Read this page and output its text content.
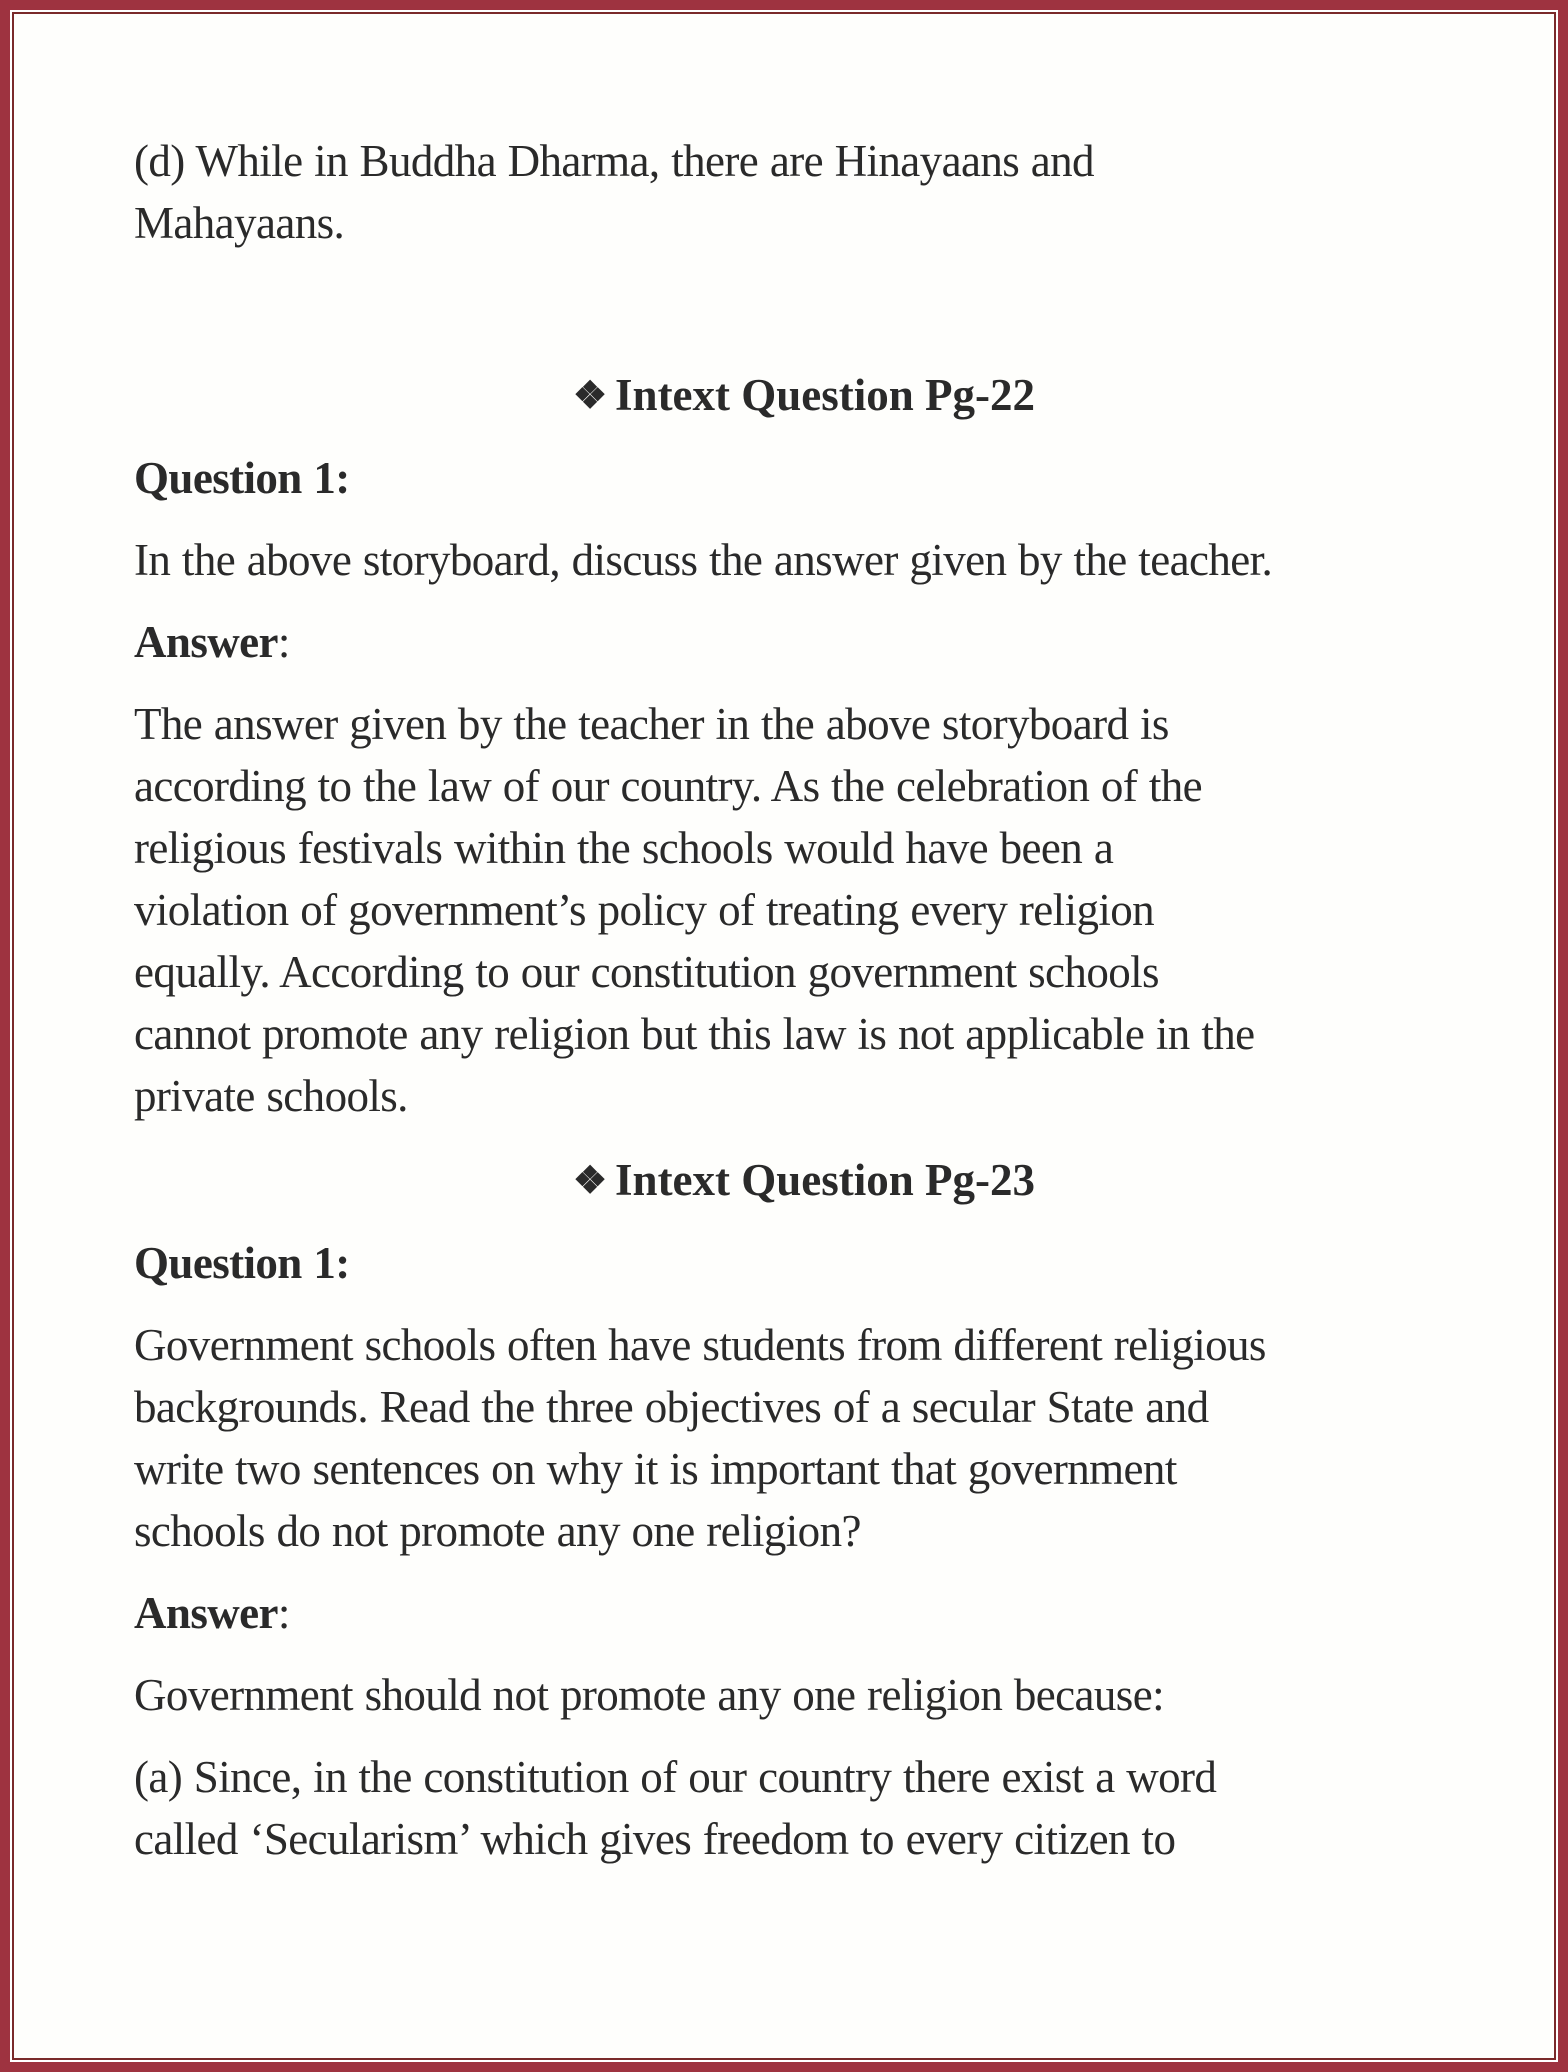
(d) While in Buddha Dharma, there are Hinayaans and

Mahayaans.

❖ Intext Question Pg-22

Question 1:

In the above storyboard, discuss the answer given by the teacher.

Answer:

The answer given by the teacher in the above storyboard is

according to the law of our country. As the celebration of the

religious festivals within the schools would have been a

violation of government’s policy of treating every religion

equally. According to our constitution government schools

cannot promote any religion but this law is not applicable in the

private schools.

❖ Intext Question Pg-23

Question 1:

Government schools often have students from different religious

backgrounds. Read the three objectives of a secular State and

write two sentences on why it is important that government

schools do not promote any one religion?

Answer:

Government should not promote any one religion because:

(a) Since, in the constitution of our country there exist a word

called ‘Secularism’ which gives freedom to every citizen to
